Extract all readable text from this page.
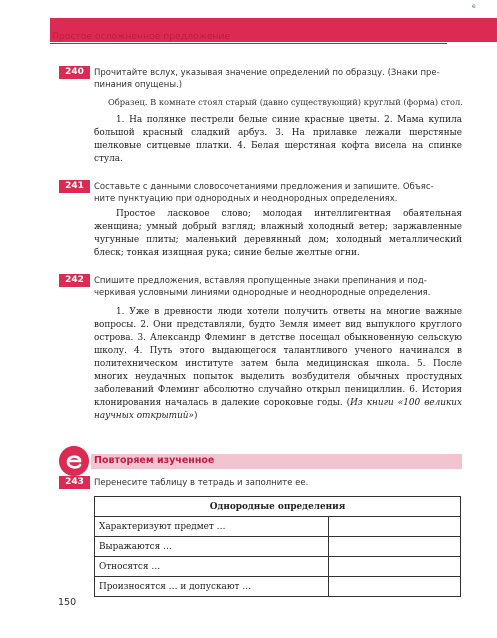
е
Простое осложненное предложение
240	Прочитайте вслух, указывая значение определений по образцу. (Знаки пре-
пинания опущены.)

Образец. В комнате стоял старый (давно существующий) круглый (форма) стол.

1. На полянке пестрели белые синие красные цветы. 2. Мама купила большой красный сладкий арбуз. 3. На прилавке лежали шерстяные шелковые ситцевые платки. 4. Белая шерстяная кофта висела на спинке стула.

241	Составьте с данными словосочетаниями предложения и запишите. Объяс-
ните пунктуацию при однородных и неоднородных определениях.

Простое ласковое слово; молодая интеллигентная обаятельная женщина; умный добрый взгляд; влажный холодный ветер; заржавленные чугунные плиты; маленький деревянный дом; холодный металлический блеск; тонкая изящная рука; синие белые желтые огни.

242	Спишите предложения, вставляя пропущенные знаки препинания и под-
черкивая условными линиями однородные и неоднородные определения.

1. Уже в древности люди хотели получить ответы на многие важные вопросы. 2. Они представляли, будто Земля имеет вид выпуклого круглого острова. 3. Александр Флеминг в детстве посещал обыкновенную сельскую школу. 4. Путь этого выдающегося талантливого ученого начинался в политехническом институте затем была медицинская школа. 5. После многих неудачных попыток выделить возбудителя обычных простудных заболеваний Флеминг абсолютно случайно открыл пенициллин. 6. История клонирования началась в далекие сороковые годы. (Из книги «100 великих научных открытий»)

Повторяем изученное
243	Перенесите таблицу в тетрадь и заполните ее.
Однородные определения	
Характеризуют предмет …	
Выражаются …	
Относятся …	
Произносятся … и допускают …	
150
